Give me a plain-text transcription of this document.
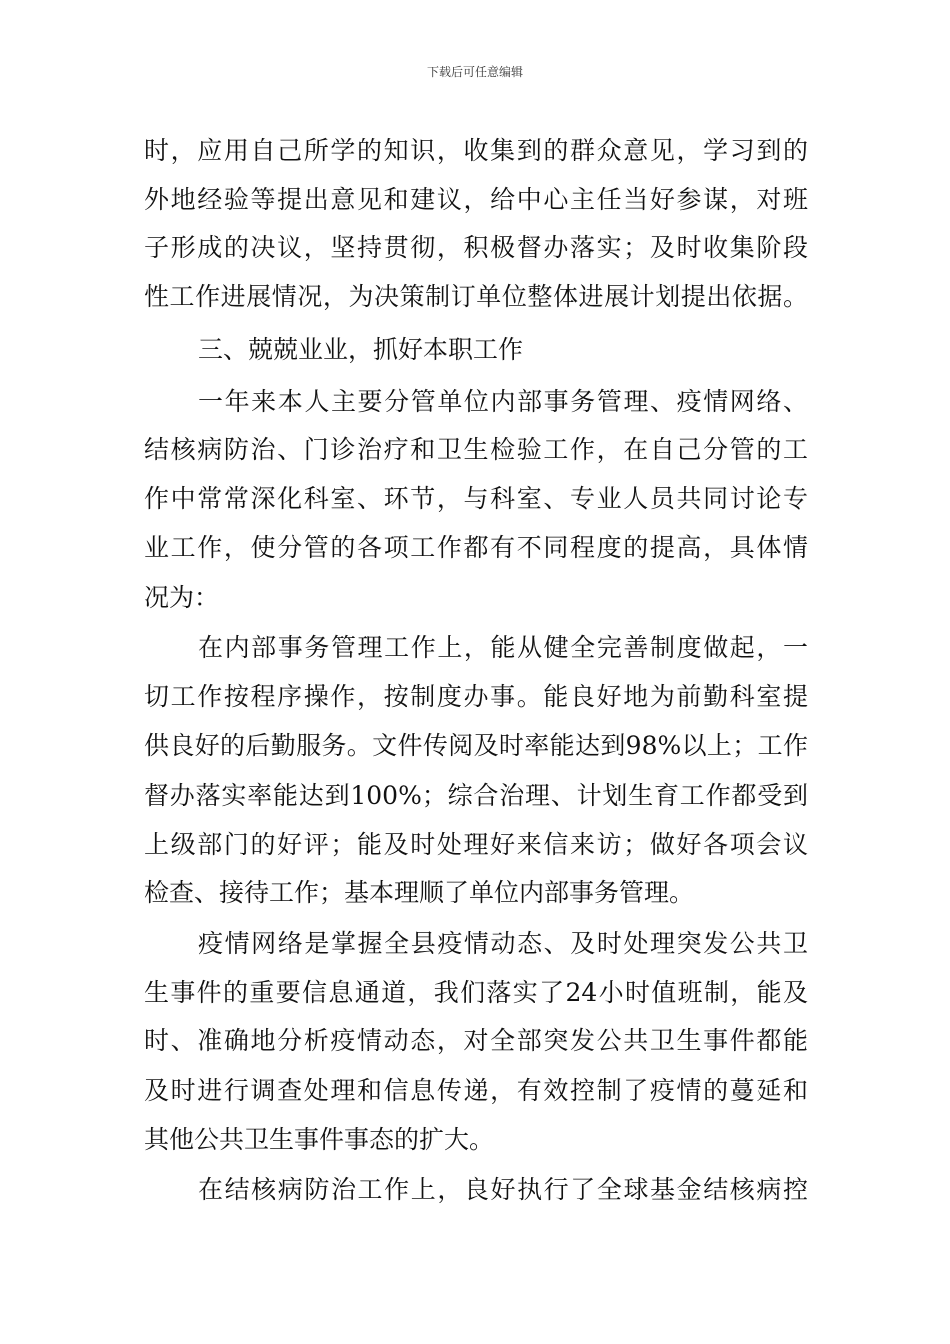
下载后可任意编辑
时，应用自己所学的知识，收集到的群众意见，学习到的
外地经验等提出意见和建议，给中心主任当好参谋，对班
子形成的决议，坚持贯彻，积极督办落实；及时收集阶段
性工作进展情况，为决策制订单位整体进展计划提出依据。
三、兢兢业业，抓好本职工作
一年来本人主要分管单位内部事务管理、疫情网络、
结核病防治、门诊治疗和卫生检验工作，在自己分管的工
作中常常深化科室、环节，与科室、专业人员共同讨论专
业工作，使分管的各项工作都有不同程度的提高，具体情
况为：
在内部事务管理工作上，能从健全完善制度做起，一
切工作按程序操作，按制度办事。能良好地为前勤科室提
供良好的后勤服务。文件传阅及时率能达到98%以上；工作
督办落实率能达到100%；综合治理、计划生育工作都受到
上级部门的好评；能及时处理好来信来访；做好各项会议
检查、接待工作；基本理顺了单位内部事务管理。
疫情网络是掌握全县疫情动态、及时处理突发公共卫
生事件的重要信息通道，我们落实了24小时值班制，能及
时、准确地分析疫情动态，对全部突发公共卫生事件都能
及时进行调查处理和信息传递，有效控制了疫情的蔓延和
其他公共卫生事件事态的扩大。
在结核病防治工作上，良好执行了全球基金结核病控
